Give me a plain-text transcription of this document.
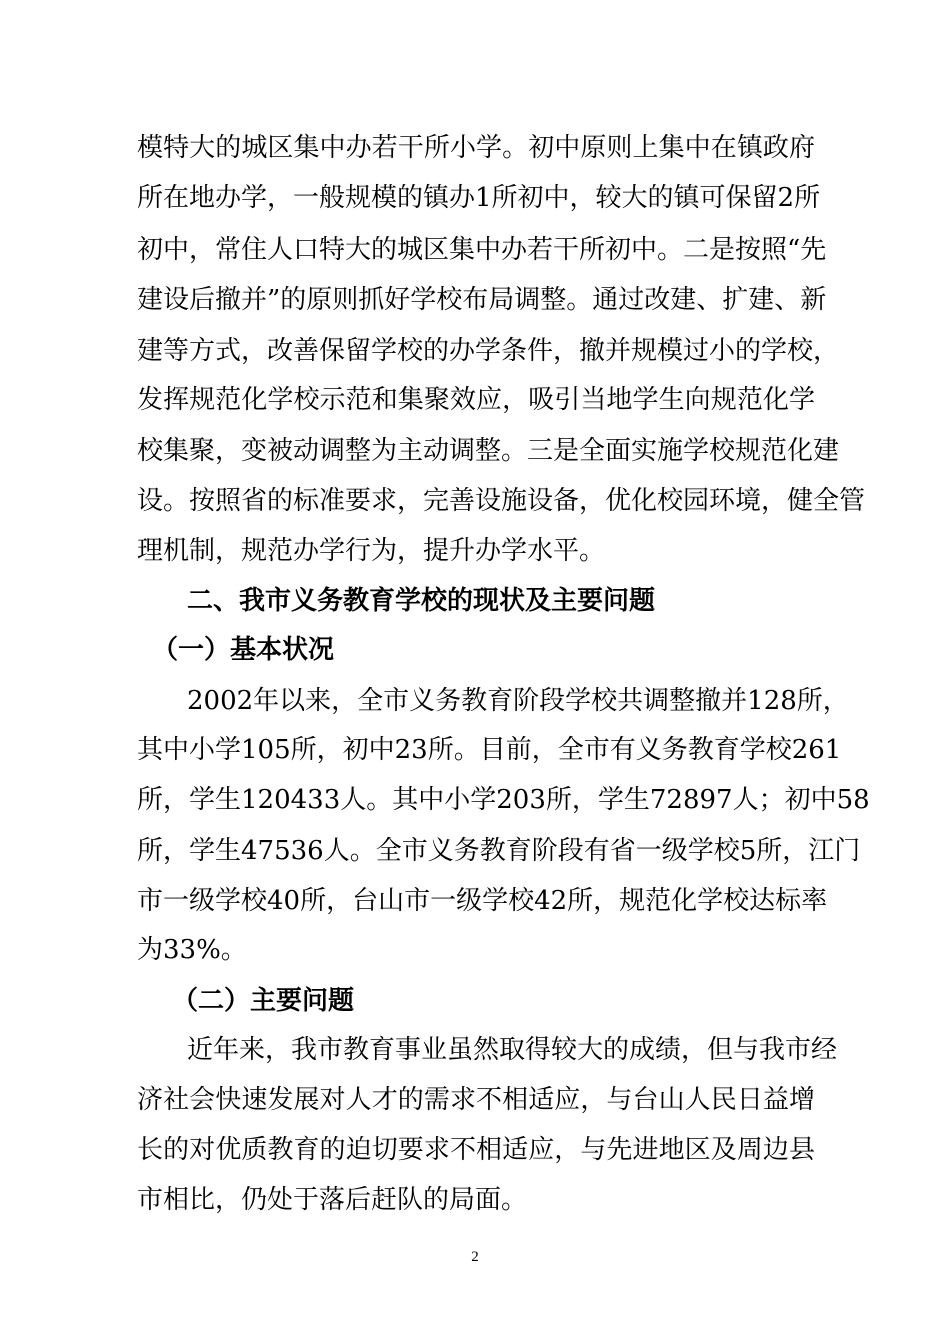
模特大的城区集中办若干所小学。初中原则上集中在镇政府
所在地办学，一般规模的镇办1所初中，较大的镇可保留2所
初中，常住人口特大的城区集中办若干所初中。二是按照“先
建设后撤并”的原则抓好学校布局调整。通过改建、扩建、新
建等方式，改善保留学校的办学条件，撤并规模过小的学校，
发挥规范化学校示范和集聚效应，吸引当地学生向规范化学
校集聚，变被动调整为主动调整。三是全面实施学校规范化建
设。按照省的标准要求，完善设施设备，优化校园环境，健全管
理机制，规范办学行为，提升办学水平。
二、我市义务教育学校的现状及主要问题
（一）基本状况
2002年以来，全市义务教育阶段学校共调整撤并128所，
其中小学105所，初中23所。目前，全市有义务教育学校261
所，学生120433人。其中小学203所，学生72897人；初中58
所，学生47536人。全市义务教育阶段有省一级学校5所，江门
市一级学校40所，台山市一级学校42所，规范化学校达标率
为33%。
（二）主要问题
近年来，我市教育事业虽然取得较大的成绩，但与我市经
济社会快速发展对人才的需求不相适应，与台山人民日益增
长的对优质教育的迫切要求不相适应，与先进地区及周边县
市相比，仍处于落后赶队的局面。
2
